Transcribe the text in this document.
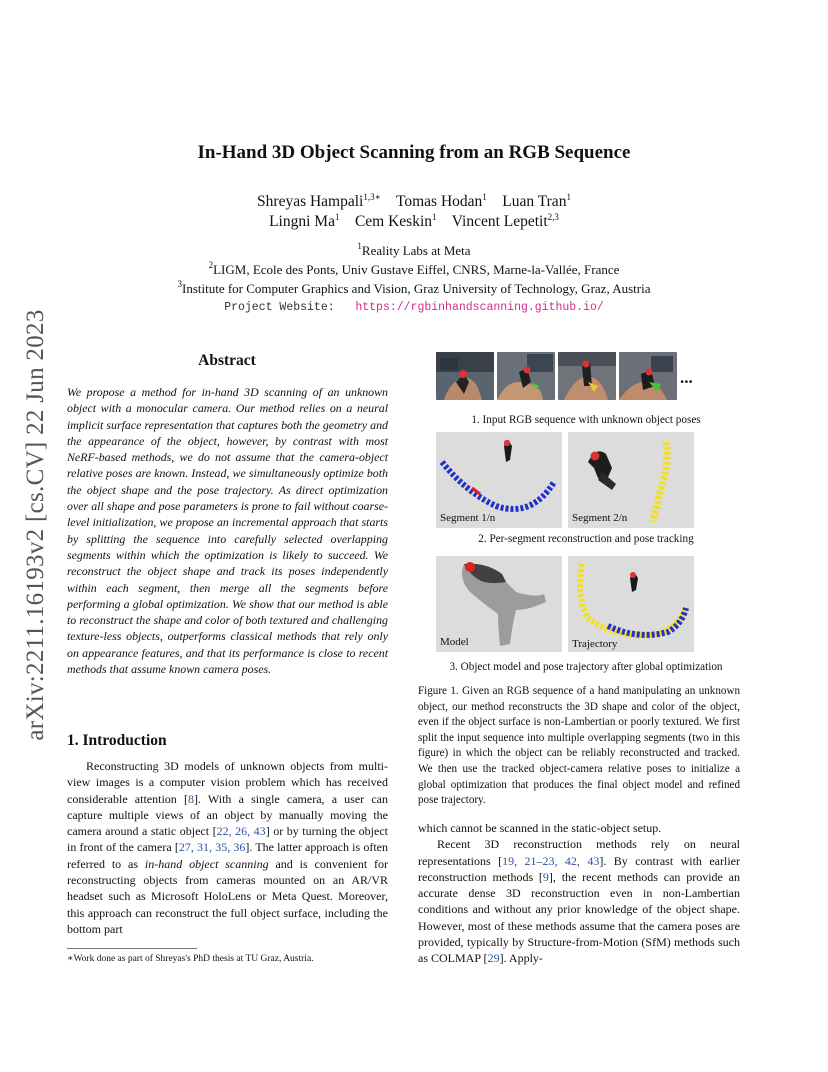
arXiv:2211.16193v2 [cs.CV] 22 Jun 2023
In-Hand 3D Object Scanning from an RGB Sequence
Shreyas Hampali$^{1,3∗}$ Tomas Hodan$^1$ Luan Tran$^1$
Lingni Ma$^1$ Cem Keskin$^1$ Vincent Lepetit$^{2,3}$
$^1$Reality Labs at Meta
$^2$LIGM, Ecole des Ponts, Univ Gustave Eiffel, CNRS, Marne-la-Vallée, France
$^3$Institute for Computer Graphics and Vision, Graz University of Technology, Graz, Austria
Project Website: https://rgbinhandscanning.github.io/
Abstract

We propose a method for in-hand 3D scanning of an unknown object with a monocular camera. Our method relies on a neural implicit surface representation that captures both the geometry and the appearance of the object, however, by contrast with most NeRF-based methods, we do not assume that the camera-object relative poses are known. Instead, we simultaneously optimize both the object shape and the pose trajectory. As direct optimization over all shape and pose parameters is prone to fail without coarse-level initialization, we propose an incremental approach that starts by splitting the sequence into carefully selected overlapping segments within which the optimization is likely to succeed. We reconstruct the object shape and track its poses independently within each segment, then merge all the segments before performing a global optimization. We show that our method is able to reconstruct the shape and color of both textured and challenging texture-less objects, outperforms classical methods that rely only on appearance features, and that its performance is close to recent methods that assume known camera poses.

1. Introduction

Reconstructing 3D models of unknown objects from multi-view images is a computer vision problem which has received considerable attention [8]. With a single camera, a user can capture multiple views of an object by manually moving the camera around a static object [22, 26, 43] or by turning the object in front of the camera [27, 31, 35, 36]. The latter approach is often referred to as in-hand object scanning and is convenient for reconstructing objects from cameras mounted on an AR/VR headset such as Microsoft HoloLens or Meta Quest. Moreover, this approach can reconstruct the full object surface, including the bottom part

∗Work done as part of Shreyas's PhD thesis at TU Graz, Austria.
...
1. Input RGB sequence with unknown object poses
Segment 1/n	Segment 2/n
2. Per-segment reconstruction and pose tracking
Model	Trajectory
3. Object model and pose trajectory after global optimization

Figure 1. Given an RGB sequence of a hand manipulating an unknown object, our method reconstructs the 3D shape and color of the object, even if the object surface is non-Lambertian or poorly textured. We first split the input sequence into multiple overlapping segments (two in this figure) in which the object can be reliably reconstructed and tracked. We then use the tracked object-camera relative poses to initialize a global optimization that produces the final object model and refined pose trajectory.

which cannot be scanned in the static-object setup.

Recent 3D reconstruction methods rely on neural representations [19, 21–23, 42, 43]. By contrast with earlier reconstruction methods [9], the recent methods can provide an accurate dense 3D reconstruction even in non-Lambertian conditions and without any prior knowledge of the object shape. However, most of these methods assume that the camera poses are provided, typically by Structure-from-Motion (SfM) methods such as COLMAP [29]. Apply-
